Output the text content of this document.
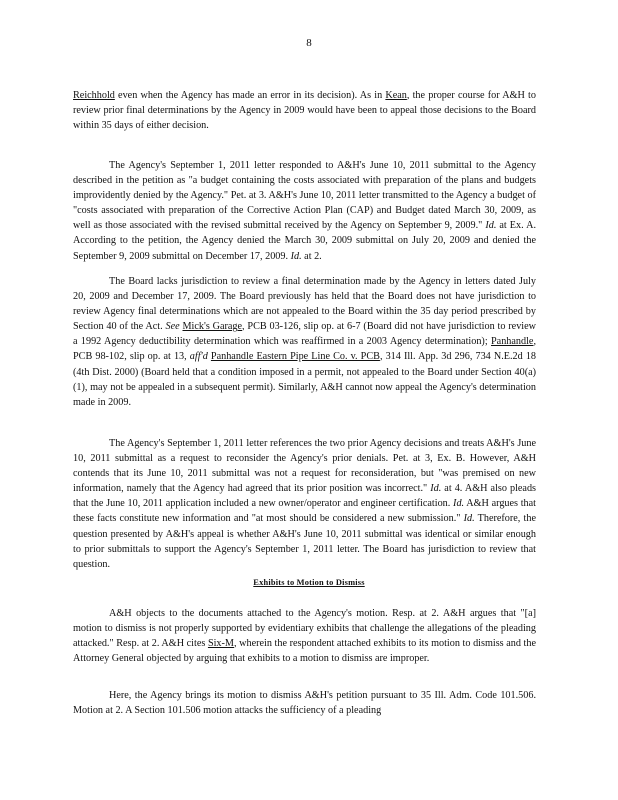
8

Reichhold even when the Agency has made an error in its decision). As in Kean, the proper course for A&H to review prior final determinations by the Agency in 2009 would have been to appeal those decisions to the Board within 35 days of either decision.

The Agency's September 1, 2011 letter responded to A&H's June 10, 2011 submittal to the Agency described in the petition as "a budget containing the costs associated with preparation of the plans and budgets improvidently denied by the Agency." Pet. at 3. A&H's June 10, 2011 letter transmitted to the Agency a budget of "costs associated with preparation of the Corrective Action Plan (CAP) and Budget dated March 30, 2009, as well as those associated with the revised submittal received by the Agency on September 9, 2009." Id. at Ex. A. According to the petition, the Agency denied the March 30, 2009 submittal on July 20, 2009 and denied the September 9, 2009 submittal on December 17, 2009. Id. at 2.

The Board lacks jurisdiction to review a final determination made by the Agency in letters dated July 20, 2009 and December 17, 2009. The Board previously has held that the Board does not have jurisdiction to review Agency final determinations which are not appealed to the Board within the 35 day period prescribed by Section 40 of the Act. See Mick's Garage, PCB 03-126, slip op. at 6-7 (Board did not have jurisdiction to review a 1992 Agency deductibility determination which was reaffirmed in a 2003 Agency determination); Panhandle, PCB 98-102, slip op. at 13, aff'd Panhandle Eastern Pipe Line Co. v. PCB, 314 Ill. App. 3d 296, 734 N.E.2d 18 (4th Dist. 2000) (Board held that a condition imposed in a permit, not appealed to the Board under Section 40(a)(1), may not be appealed in a subsequent permit). Similarly, A&H cannot now appeal the Agency's determination made in 2009.

The Agency's September 1, 2011 letter references the two prior Agency decisions and treats A&H's June 10, 2011 submittal as a request to reconsider the Agency's prior denials. Pet. at 3, Ex. B. However, A&H contends that its June 10, 2011 submittal was not a request for reconsideration, but "was premised on new information, namely that the Agency had agreed that its prior position was incorrect." Id. at 4. A&H also pleads that the June 10, 2011 application included a new owner/operator and engineer certification. Id. A&H argues that these facts constitute new information and "at most should be considered a new submission." Id. Therefore, the question presented by A&H's appeal is whether A&H's June 10, 2011 submittal was identical or similar enough to prior submittals to support the Agency's September 1, 2011 letter. The Board has jurisdiction to review that question.

Exhibits to Motion to Dismiss

A&H objects to the documents attached to the Agency's motion. Resp. at 2. A&H argues that "[a] motion to dismiss is not properly supported by evidentiary exhibits that challenge the allegations of the pleading attacked." Resp. at 2. A&H cites Six-M, wherein the respondent attached exhibits to its motion to dismiss and the Attorney General objected by arguing that exhibits to a motion to dismiss are improper.

Here, the Agency brings its motion to dismiss A&H's petition pursuant to 35 Ill. Adm. Code 101.506. Motion at 2. A Section 101.506 motion attacks the sufficiency of a pleading
